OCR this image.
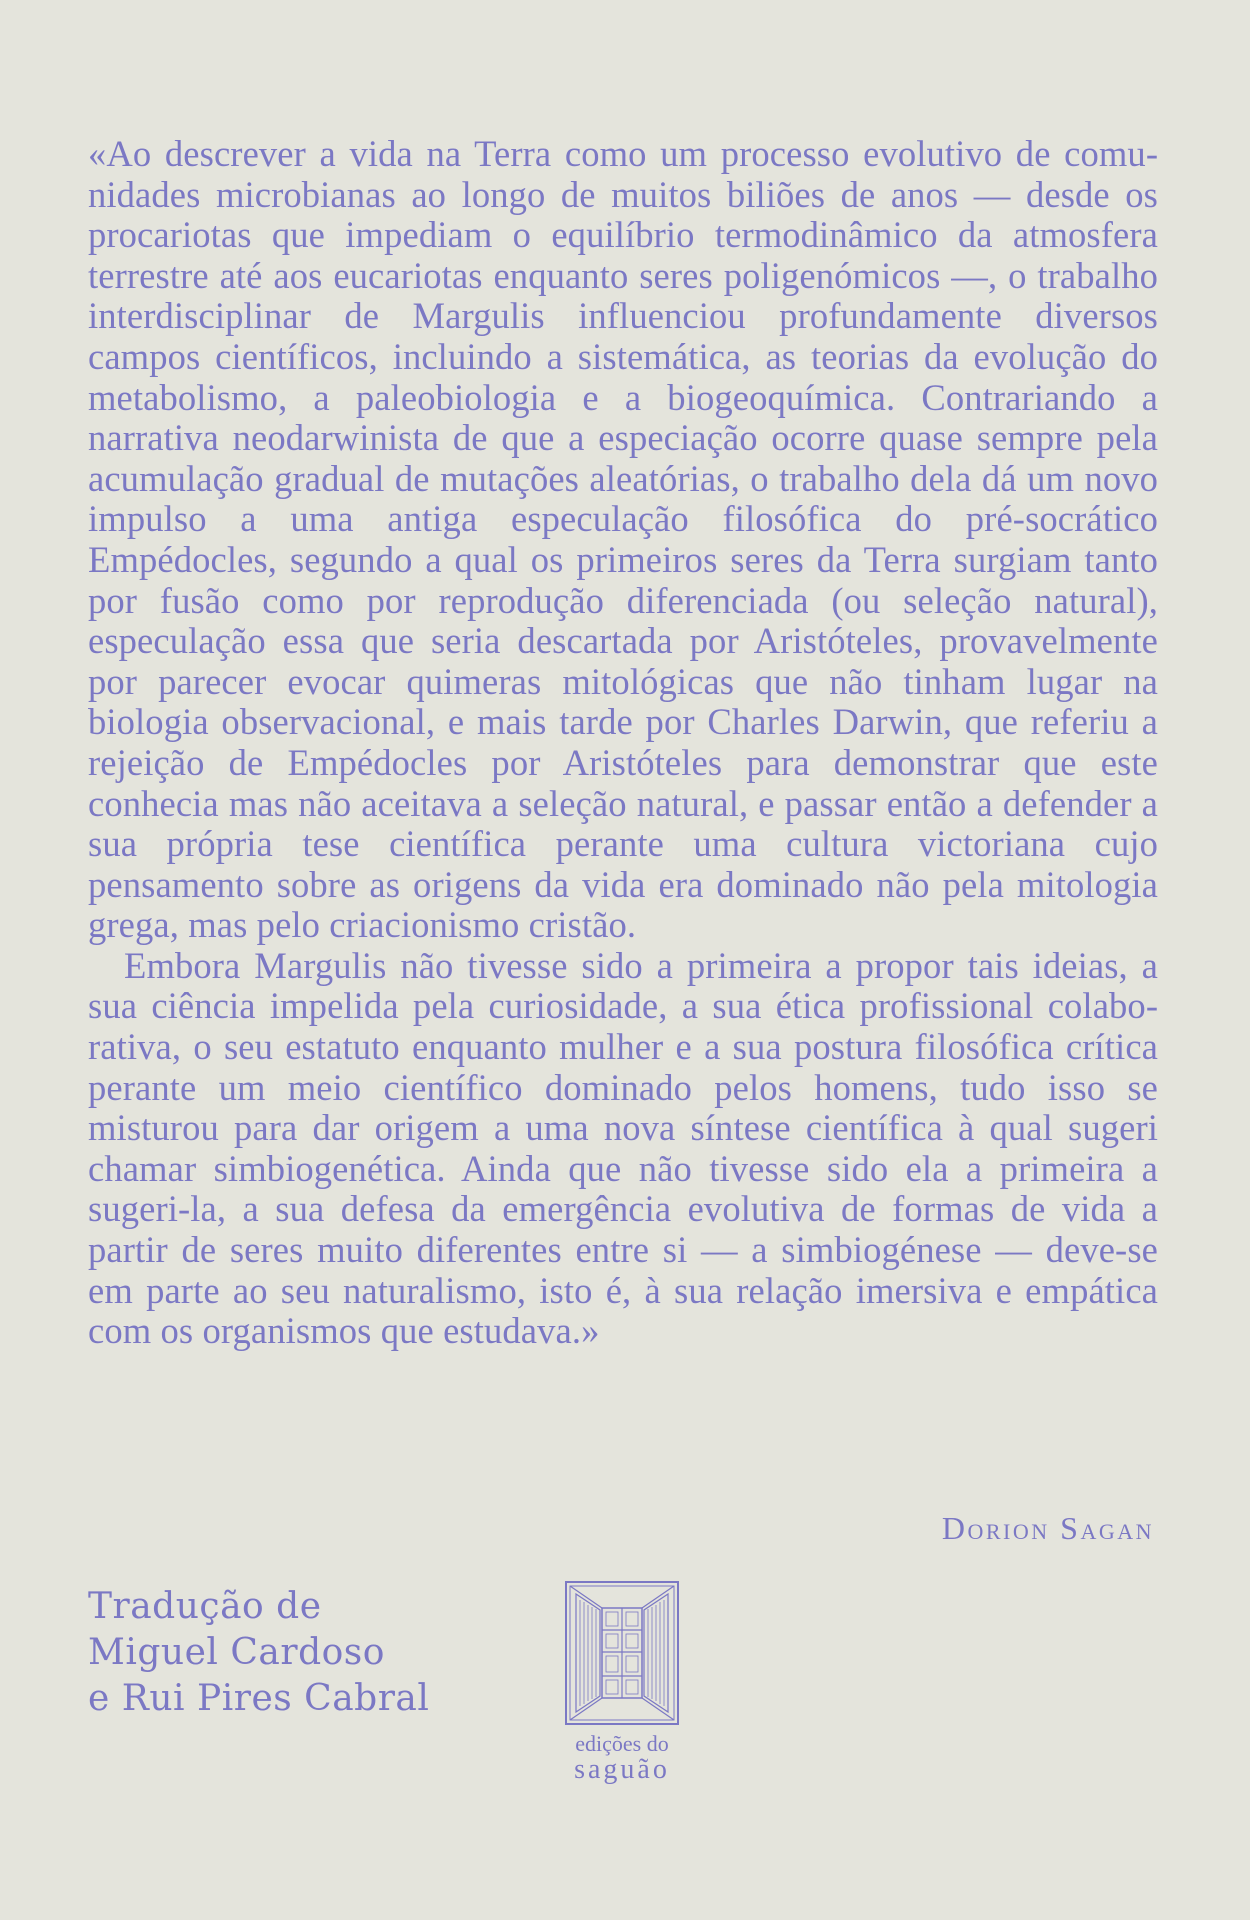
«Ao descrever a vida na Terra como um processo evolutivo de comunidades microbianas ao longo de muitos biliões de anos — desde os procariotas que impediam o equilíbrio termodinâmico da atmosfera terrestre até aos eucariotas enquanto seres poligenómicos —, o trabalho interdisciplinar de Margulis influenciou profundamente diversos campos científicos, incluindo a sistemática, as teorias da evolução do metabolismo, a paleobiologia e a biogeoquímica. Contrariando a narrativa neodarwinista de que a especiação ocorre quase sempre pela acumulação gradual de mutações aleatórias, o trabalho dela dá um novo impulso a uma antiga especulação filosófica do pré-socrático Empédocles, segundo a qual os primeiros seres da Terra surgiam tanto por fusão como por reprodução diferenciada (ou seleção natural), especulação essa que seria descartada por Aristóteles, provavelmente por parecer evocar quimeras mitológicas que não tinham lugar na biologia observacional, e mais tarde por Charles Darwin, que referiu a rejeição de Empédocles por Aristóteles para demonstrar que este conhecia mas não aceitava a seleção natural, e passar então a defender a sua própria tese científica perante uma cultura victoriana cujo pensamento sobre as origens da vida era dominado não pela mitologia grega, mas pelo criacionismo cristão.

Embora Margulis não tivesse sido a primeira a propor tais ideias, a sua ciência impelida pela curiosidade, a sua ética profissional colaborativa, o seu estatuto enquanto mulher e a sua postura filosófica crítica perante um meio científico dominado pelos homens, tudo isso se misturou para dar origem a uma nova síntese científica à qual sugeri chamar simbiogenética. Ainda que não tivesse sido ela a primeira a sugeri-la, a sua defesa da emergência evolutiva de formas de vida a partir de seres muito diferentes entre si — a simbiogénese — deve-se em parte ao seu naturalismo, isto é, à sua relação imersiva e empática com os organismos que estudava.»

Dorion Sagan
Tradução de
Miguel Cardoso
e Rui Pires Cabral
edições do
saguão
